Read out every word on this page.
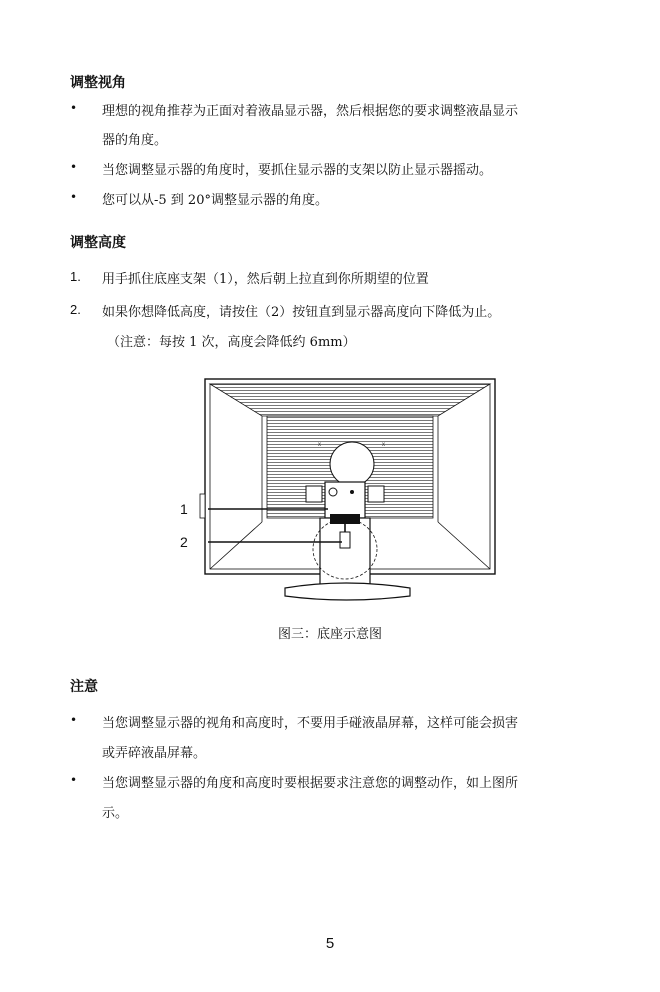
调整视角
• 理想的视角推荐为正面对着液晶显示器，然后根据您的要求调整液晶显示
器的角度。
• 当您调整显示器的角度时，要抓住显示器的支架以防止显示器摇动。
• 您可以从-5 到 20°调整显示器的角度。
调整高度
1. 用手抓住底座支架（1），然后朝上拉直到你所期望的位置
2. 如果你想降低高度，请按住（2）按钮直到显示器高度向下降低为止。
（注意：每按 1 次，高度会降低约 6mm）
x	x
1
2
图三：底座示意图
注意
• 当您调整显示器的视角和高度时，不要用手碰液晶屏幕，这样可能会损害
或弄碎液晶屏幕。
• 当您调整显示器的角度和高度时要根据要求注意您的调整动作，如上图所
示。
5
